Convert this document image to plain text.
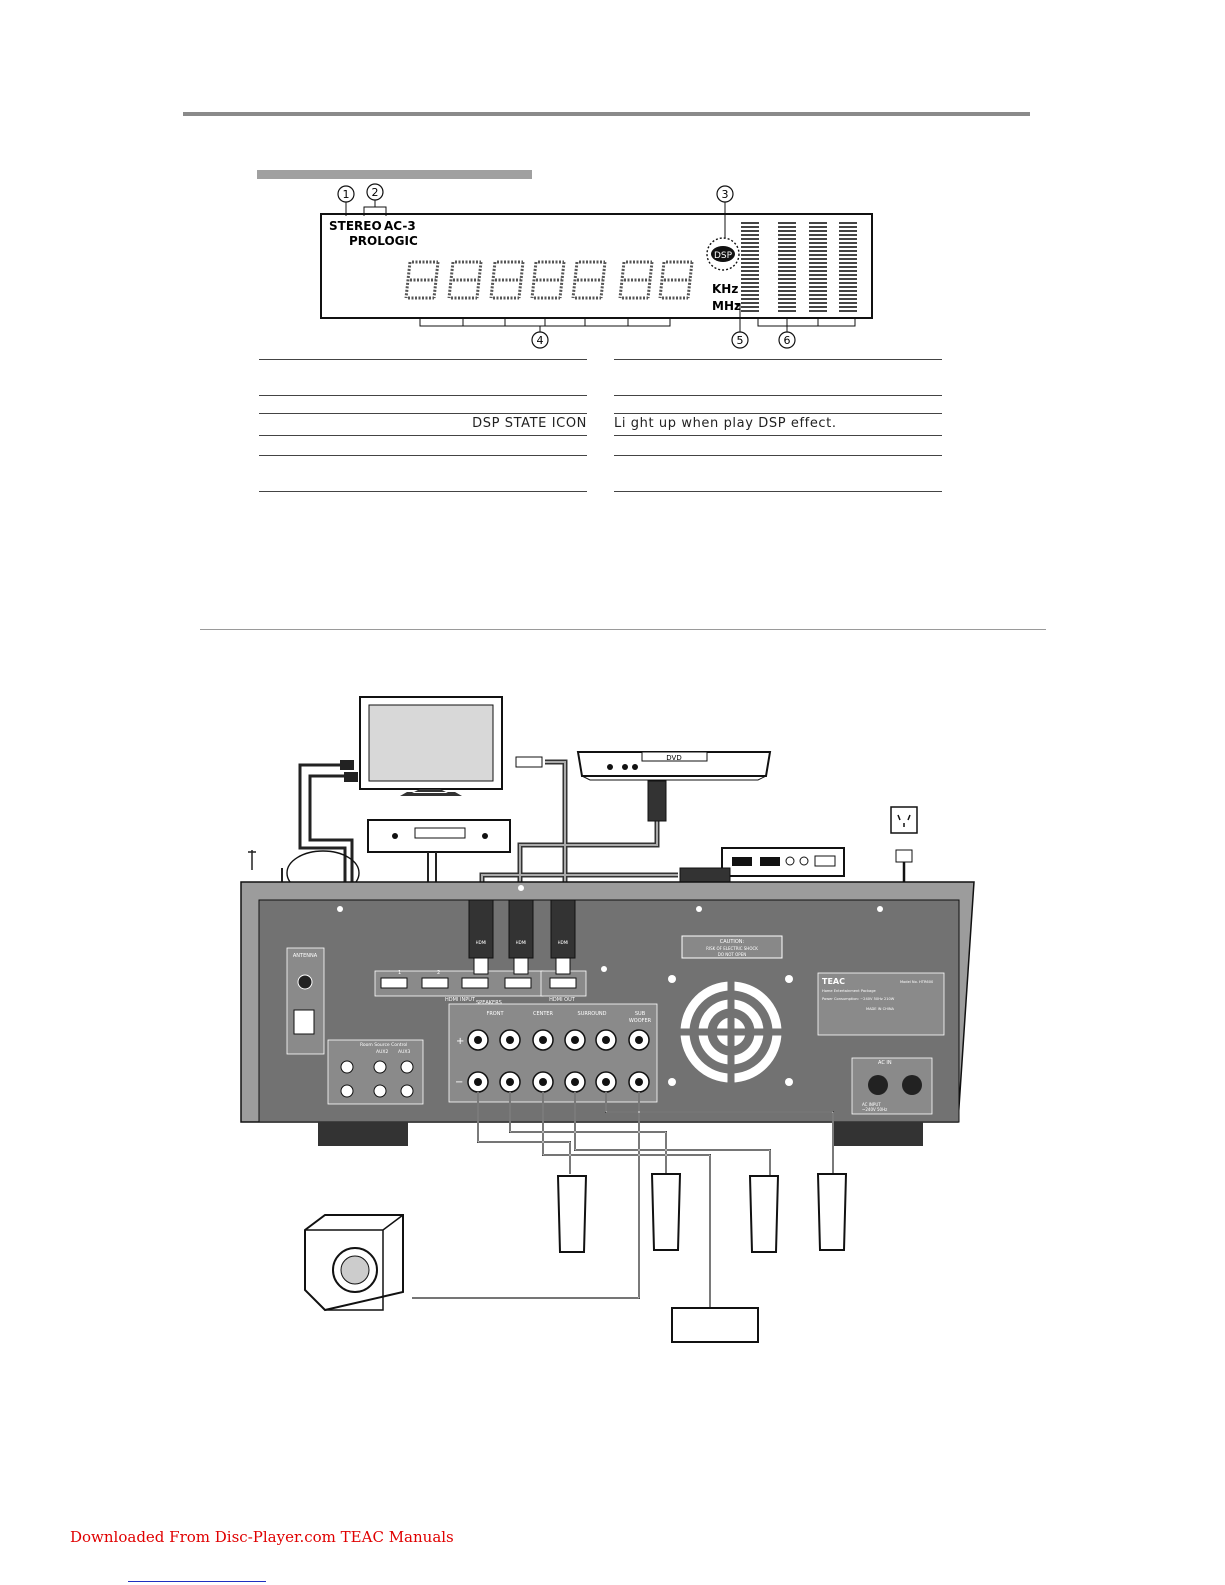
1 2	3
4	5	6
STEREO AC-3
PROLOGIC
DSP
KHz
MHz
DSP STATE ICON Li ght up when play DSP effect.
DVD
CAUTION:
RISK OF ELECTRIC SHOCK
DO NOT OPEN
TEAC	Model No. HTR600
Home Entertainment Package
Power Consumption: ~240V 50Hz 210W
MADE IN CHINA
ANTENNA
1	2
HDMI INPUT	HDMI OUT
HDMI	HDMI	HDMI
Room Source Control
AUX2 AUX3
SPEAKERS
FRONT	CENTER	SURROUND	SUB
WOOFER
+
−
AC IN
AC INPUT
~240V 50Hz
Downloaded From Disc-Player.com TEAC Manuals
